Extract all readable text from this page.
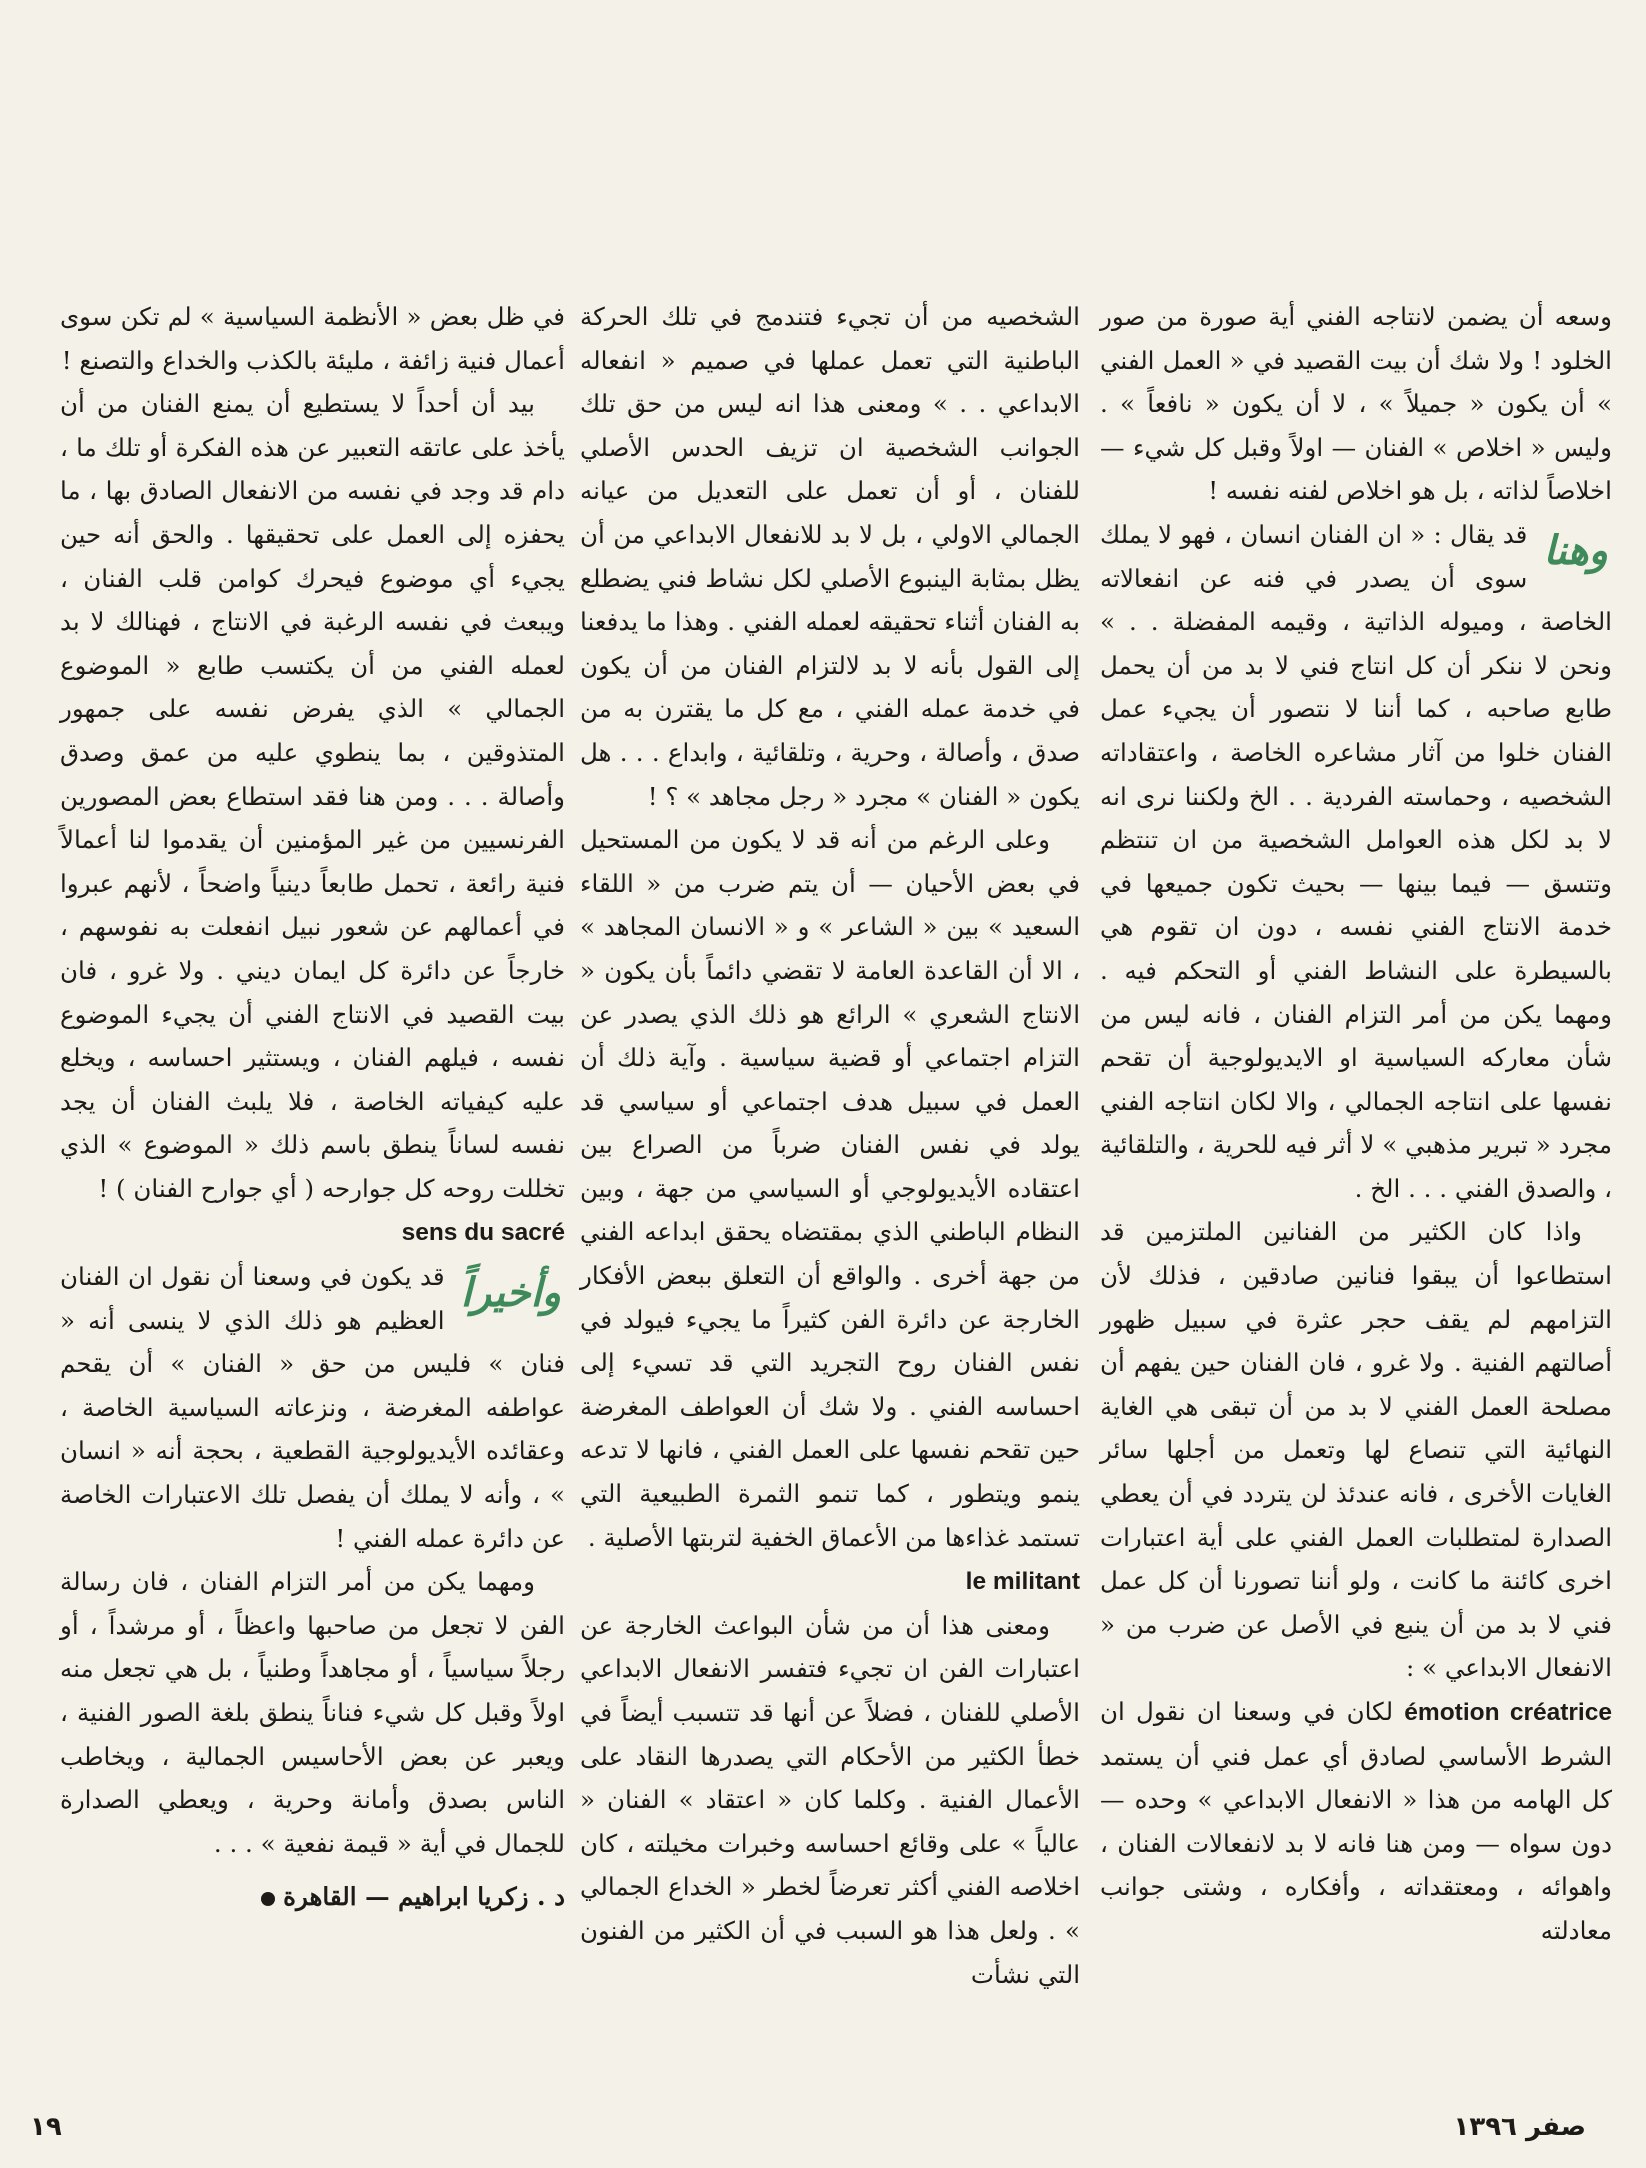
وسعه أن يضمن لانتاجه الفني أية صورة من صور الخلود ! ولا شك أن بيت القصيد في « العمل الفني » أن يكون « جميلاً » ، لا أن يكون « نافعاً » . وليس « اخلاص » الفنان — اولاً وقبل كل شيء — اخلاصاً لذاته ، بل هو اخلاص لفنه نفسه !

وهنا

قد يقال : « ان الفنان انسان ، فهو لا يملك سوى أن يصدر في فنه عن انفعالاته الخاصة ، وميوله الذاتية ، وقيمه المفضلة . . » ونحن لا ننكر أن كل انتاج فني لا بد من أن يحمل طابع صاحبه ، كما أننا لا نتصور أن يجيء عمل الفنان خلوا من آثار مشاعره الخاصة ، واعتقاداته الشخصيه ، وحماسته الفردية . . الخ ولكننا نرى انه لا بد لكل هذه العوامل الشخصية من ان تنتظم وتتسق — فيما بينها — بحيث تكون جميعها في خدمة الانتاج الفني نفسه ، دون ان تقوم هي بالسيطرة على النشاط الفني أو التحكم فيه . ومهما يكن من أمر التزام الفنان ، فانه ليس من شأن معاركه السياسية او الايديولوجية أن تقحم نفسها على انتاجه الجمالي ، والا لكان انتاجه الفني مجرد « تبرير مذهبي » لا أثر فيه للحرية ، والتلقائية ، والصدق الفني . . . الخ .

واذا كان الكثير من الفنانين الملتزمين قد استطاعوا أن يبقوا فنانين صادقين ، فذلك لأن التزامهم لم يقف حجر عثرة في سبيل ظهور أصالتهم الفنية . ولا غرو ، فان الفنان حين يفهم أن مصلحة العمل الفني لا بد من أن تبقى هي الغاية النهائية التي تنصاع لها وتعمل من أجلها سائر الغايات الأخرى ، فانه عندئذ لن يتردد في أن يعطي الصدارة لمتطلبات العمل الفني على أية اعتبارات اخرى كائنة ما كانت ، ولو أننا تصورنا أن كل عمل فني لا بد من أن ينبع في الأصل عن ضرب من « الانفعال الابداعي » :

émotion créatrice لكان في وسعنا ان نقول ان الشرط الأساسي لصادق أي عمل فني أن يستمد كل الهامه من هذا « الانفعال الابداعي » وحده — دون سواه — ومن هنا فانه لا بد لانفعالات الفنان ، واهوائه ، ومعتقداته ، وأفكاره ، وشتى جوانب معادلته

الشخصيه من أن تجيء فتندمج في تلك الحركة الباطنية التي تعمل عملها في صميم « انفعاله الابداعي . . » ومعنى هذا انه ليس من حق تلك الجوانب الشخصية ان تزيف الحدس الأصلي للفنان ، أو أن تعمل على التعديل من عيانه الجمالي الاولي ، بل لا بد للانفعال الابداعي من أن يظل بمثابة الينبوع الأصلي لكل نشاط فني يضطلع به الفنان أثناء تحقيقه لعمله الفني . وهذا ما يدفعنا إلى القول بأنه لا بد لالتزام الفنان من أن يكون في خدمة عمله الفني ، مع كل ما يقترن به من صدق ، وأصالة ، وحرية ، وتلقائية ، وابداع . . . هل يكون « الفنان » مجرد « رجل مجاهد » ؟ !

وعلى الرغم من أنه قد لا يكون من المستحيل في بعض الأحيان — أن يتم ضرب من « اللقاء السعيد » بين « الشاعر » و « الانسان المجاهد » ، الا أن القاعدة العامة لا تقضي دائماً بأن يكون « الانتاج الشعري » الرائع هو ذلك الذي يصدر عن التزام اجتماعي أو قضية سياسية . وآية ذلك أن العمل في سبيل هدف اجتماعي أو سياسي قد يولد في نفس الفنان ضرباً من الصراع بين اعتقاده الأيديولوجي أو السياسي من جهة ، وبين النظام الباطني الذي بمقتضاه يحقق ابداعه الفني من جهة أخرى . والواقع أن التعلق ببعض الأفكار الخارجة عن دائرة الفن كثيراً ما يجيء فيولد في نفس الفنان روح التجريد التي قد تسيء إلى احساسه الفني . ولا شك أن العواطف المغرضة حين تقحم نفسها على العمل الفني ، فانها لا تدعه ينمو ويتطور ، كما تنمو الثمرة الطبيعية التي تستمد غذاءها من الأعماق الخفية لتربتها الأصلية .

le militant

ومعنى هذا أن من شأن البواعث الخارجة عن اعتبارات الفن ان تجيء فتفسر الانفعال الابداعي الأصلي للفنان ، فضلاً عن أنها قد تتسبب أيضاً في خطأ الكثير من الأحكام التي يصدرها النقاد على الأعمال الفنية . وكلما كان « اعتقاد » الفنان « عالياً » على وقائع احساسه وخبرات مخيلته ، كان اخلاصه الفني أكثر تعرضاً لخطر « الخداع الجمالي » . ولعل هذا هو السبب في أن الكثير من الفنون التي نشأت

في ظل بعض « الأنظمة السياسية » لم تكن سوى أعمال فنية زائفة ، مليئة بالكذب والخداع والتصنع !

بيد أن أحداً لا يستطيع أن يمنع الفنان من أن يأخذ على عاتقه التعبير عن هذه الفكرة أو تلك ما ، دام قد وجد في نفسه من الانفعال الصادق بها ، ما يحفزه إلى العمل على تحقيقها . والحق أنه حين يجيء أي موضوع فيحرك كوامن قلب الفنان ، ويبعث في نفسه الرغبة في الانتاج ، فهنالك لا بد لعمله الفني من أن يكتسب طابع « الموضوع الجمالي » الذي يفرض نفسه على جمهور المتذوقين ، بما ينطوي عليه من عمق وصدق وأصالة . . . ومن هنا فقد استطاع بعض المصورين الفرنسيين من غير المؤمنين أن يقدموا لنا أعمالاً فنية رائعة ، تحمل طابعاً دينياً واضحاً ، لأنهم عبروا في أعمالهم عن شعور نبيل انفعلت به نفوسهم ، خارجاً عن دائرة كل ايمان ديني . ولا غرو ، فان بيت القصيد في الانتاج الفني أن يجيء الموضوع نفسه ، فيلهم الفنان ، ويستثير احساسه ، ويخلع عليه كيفياته الخاصة ، فلا يلبث الفنان أن يجد نفسه لساناً ينطق باسم ذلك « الموضوع » الذي تخللت روحه كل جوارحه ( أي جوارح الفنان ) !

sens du sacré

وأخيراً

قد يكون في وسعنا أن نقول ان الفنان العظيم هو ذلك الذي لا ينسى أنه « فنان » فليس من حق « الفنان » أن يقحم عواطفه المغرضة ، ونزعاته السياسية الخاصة ، وعقائده الأيديولوجية القطعية ، بحجة أنه « انسان » ، وأنه لا يملك أن يفصل تلك الاعتبارات الخاصة عن دائرة عمله الفني !

ومهما يكن من أمر التزام الفنان ، فان رسالة الفن لا تجعل من صاحبها واعظاً ، أو مرشداً ، أو رجلاً سياسياً ، أو مجاهداً وطنياً ، بل هي تجعل منه اولاً وقبل كل شيء فناناً ينطق بلغة الصور الفنية ، ويعبر عن بعض الأحاسيس الجمالية ، ويخاطب الناس بصدق وأمانة وحرية ، ويعطي الصدارة للجمال في أية « قيمة نفعية » . . .

د . زكريا ابراهيم — القاهرة
صفر ١٣٩٦
١٩
